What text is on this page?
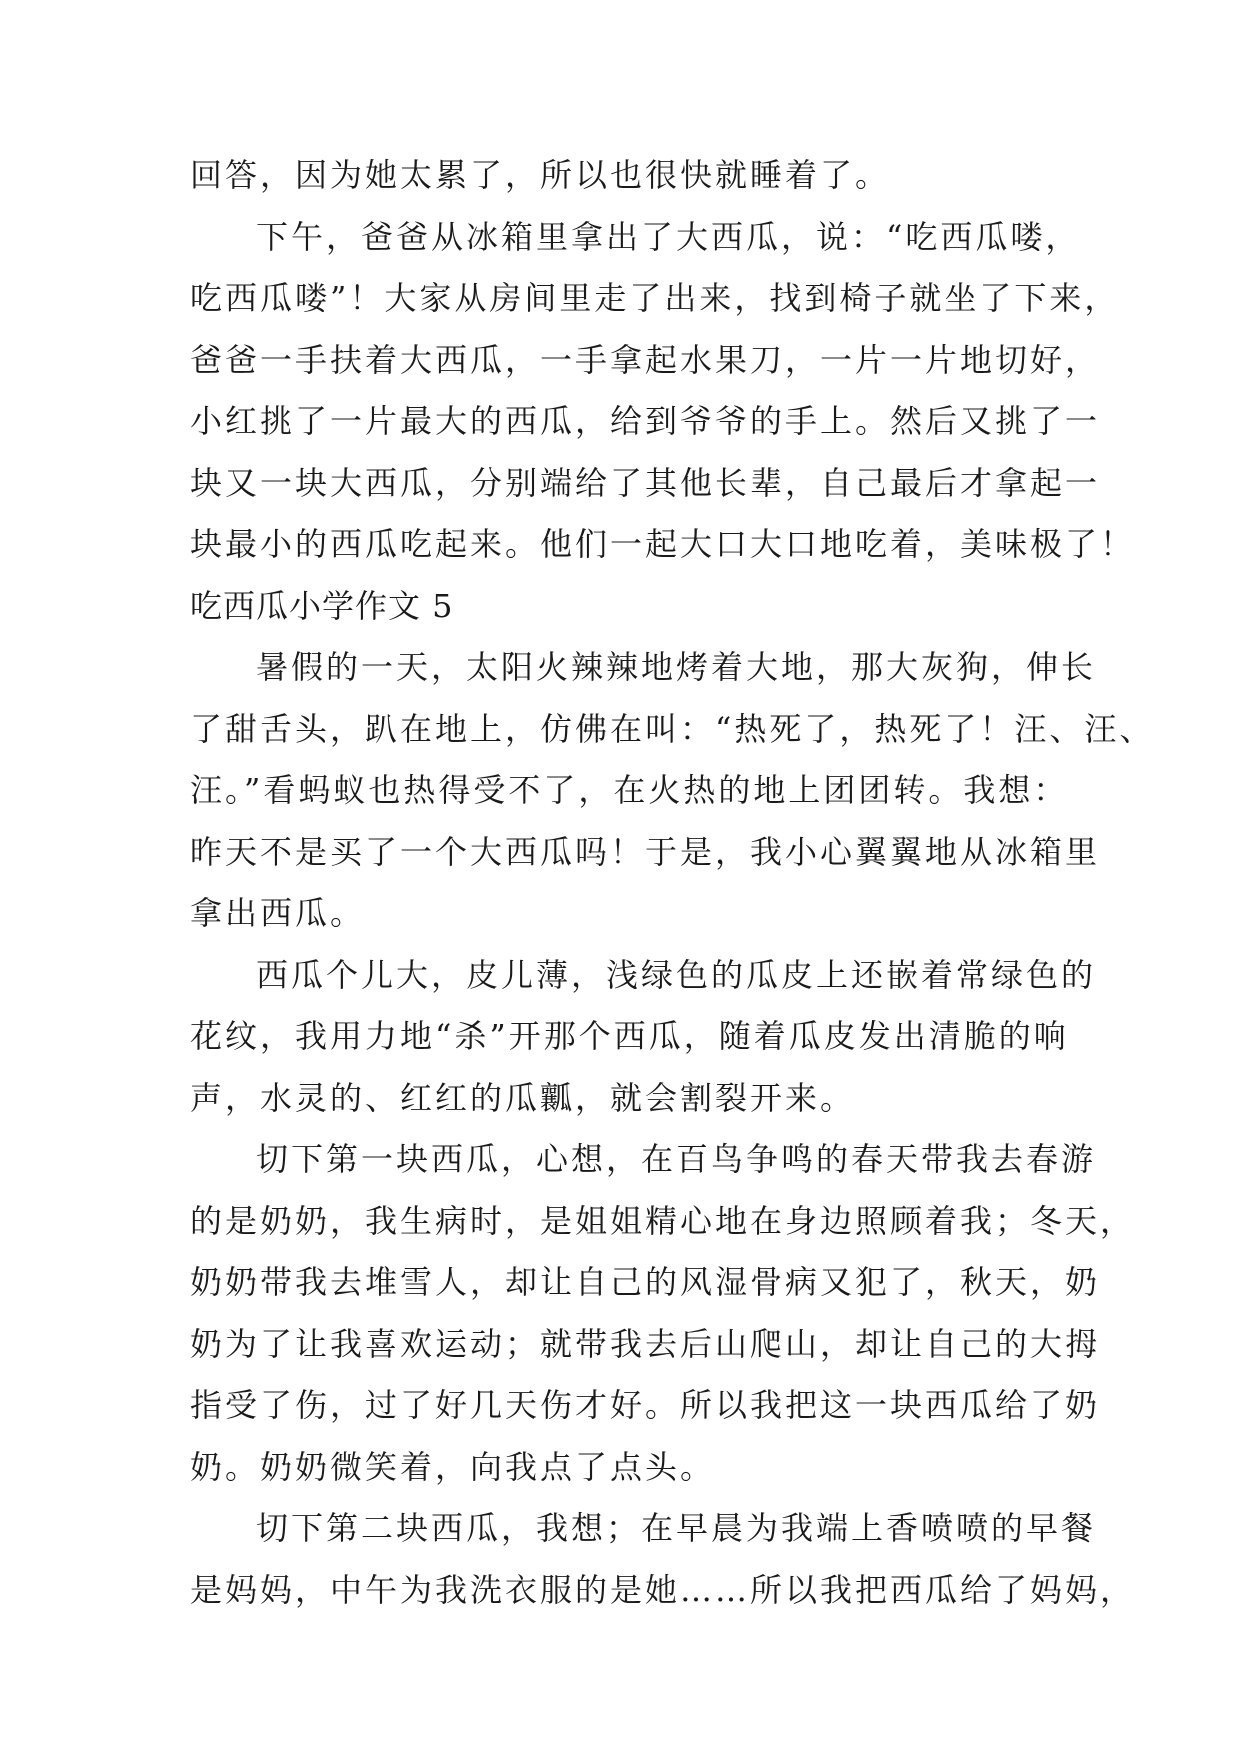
回答，因为她太累了，所以也很快就睡着了。
下午，爸爸从冰箱里拿出了大西瓜，说：“吃西瓜喽，
吃西瓜喽”！大家从房间里走了出来，找到椅子就坐了下来，
爸爸一手扶着大西瓜，一手拿起水果刀，一片一片地切好，
小红挑了一片最大的西瓜，给到爷爷的手上。然后又挑了一
块又一块大西瓜，分别端给了其他长辈，自己最后才拿起一
块最小的西瓜吃起来。他们一起大口大口地吃着，美味极了！
吃西瓜小学作文 5
暑假的一天，太阳火辣辣地烤着大地，那大灰狗，伸长
了甜舌头，趴在地上，仿佛在叫：“热死了，热死了！汪、汪、
汪。”看蚂蚁也热得受不了，在火热的地上团团转。我想：
昨天不是买了一个大西瓜吗！于是，我小心翼翼地从冰箱里
拿出西瓜。
西瓜个儿大，皮儿薄，浅绿色的瓜皮上还嵌着常绿色的
花纹，我用力地“杀”开那个西瓜，随着瓜皮发出清脆的响
声，水灵的、红红的瓜瓤，就会割裂开来。
切下第一块西瓜，心想，在百鸟争鸣的春天带我去春游
的是奶奶，我生病时，是姐姐精心地在身边照顾着我；冬天，
奶奶带我去堆雪人，却让自己的风湿骨病又犯了，秋天，奶
奶为了让我喜欢运动；就带我去后山爬山，却让自己的大拇
指受了伤，过了好几天伤才好。所以我把这一块西瓜给了奶
奶。奶奶微笑着，向我点了点头。
切下第二块西瓜，我想；在早晨为我端上香喷喷的早餐
是妈妈，中午为我洗衣服的是她……所以我把西瓜给了妈妈，
